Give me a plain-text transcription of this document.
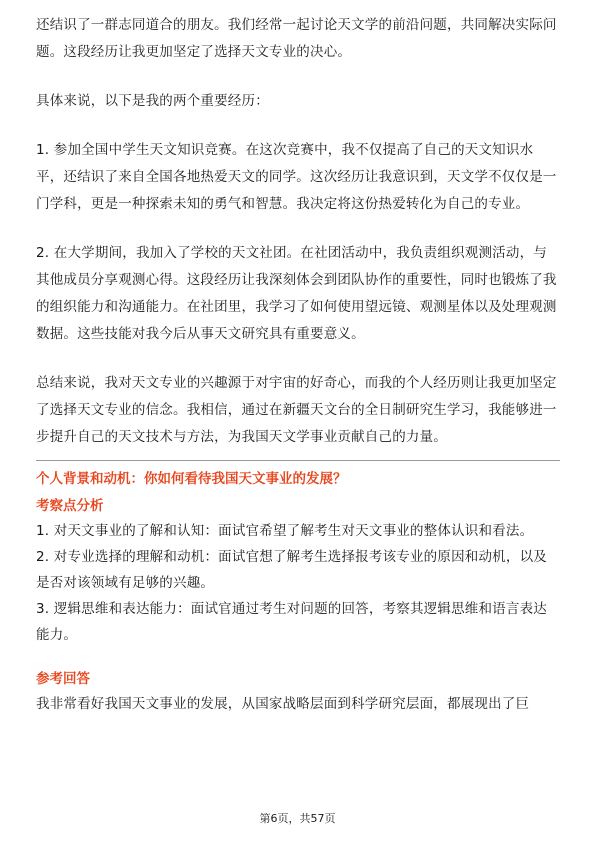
还结识了一群志同道合的朋友。我们经常一起讨论天文学的前沿问题，共同解决实际问题。这段经历让我更加坚定了选择天文专业的决心。

具体来说，以下是我的两个重要经历：

1. 参加全国中学生天文知识竞赛。在这次竞赛中，我不仅提高了自己的天文知识水平，还结识了来自全国各地热爱天文的同学。这次经历让我意识到，天文学不仅仅是一门学科，更是一种探索未知的勇气和智慧。我决定将这份热爱转化为自己的专业。

2. 在大学期间，我加入了学校的天文社团。在社团活动中，我负责组织观测活动，与其他成员分享观测心得。这段经历让我深刻体会到团队协作的重要性，同时也锻炼了我的组织能力和沟通能力。在社团里，我学习了如何使用望远镜、观测星体以及处理观测数据。这些技能对我今后从事天文研究具有重要意义。

总结来说，我对天文专业的兴趣源于对宇宙的好奇心，而我的个人经历则让我更加坚定了选择天文专业的信念。我相信，通过在新疆天文台的全日制研究生学习，我能够进一步提升自己的天文技术与方法，为我国天文学事业贡献自己的力量。

个人背景和动机：你如何看待我国天文事业的发展？
考察点分析

1. 对天文事业的了解和认知：面试官希望了解考生对天文事业的整体认识和看法。

2. 对专业选择的理解和动机：面试官想了解考生选择报考该专业的原因和动机，以及是否对该领域有足够的兴趣。

3. 逻辑思维和表达能力：面试官通过考生对问题的回答，考察其逻辑思维和语言表达能力。

参考回答

我非常看好我国天文事业的发展，从国家战略层面到科学研究层面，都展现出了巨

第6页，共57页
